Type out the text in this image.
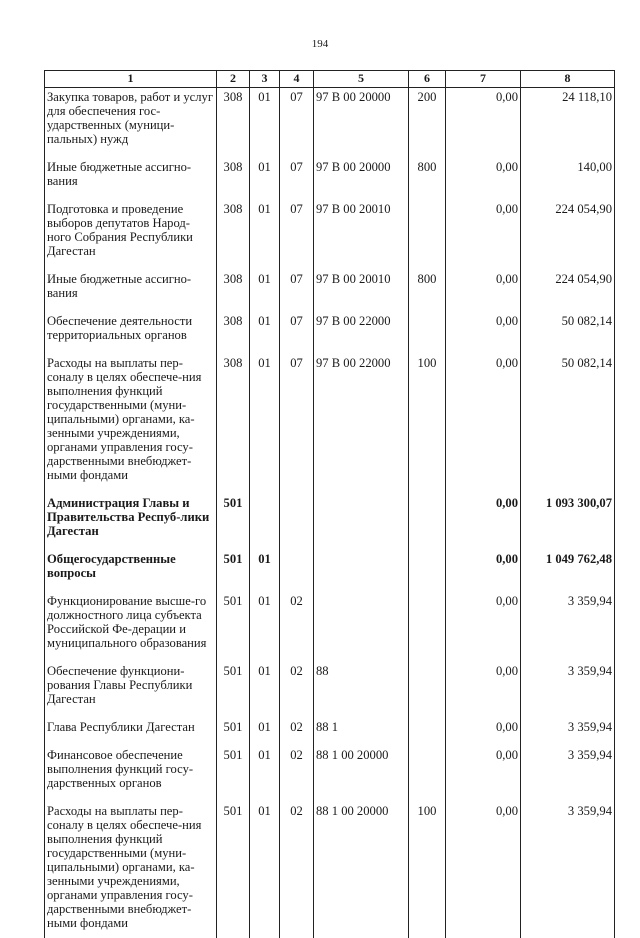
194
1	2	3	4	5	6	7	8
Закупка товаров, работ и услуг для обеспечения гос-ударственных (муници-пальных) нужд	308	01	07	97 В 00 20000	200	0,00	24 118,10
Иные бюджетные ассигно-вания	308	01	07	97 В 00 20000	800	0,00	140,00
Подготовка и проведение выборов депутатов Народ-ного Собрания Республики Дагестан	308	01	07	97 В 00 20010		0,00	224 054,90
Иные бюджетные ассигно-вания	308	01	07	97 В 00 20010	800	0,00	224 054,90
Обеспечение деятельности территориальных органов	308	01	07	97 В 00 22000		0,00	50 082,14
Расходы на выплаты пер-соналу в целях обеспече-ния выполнения функций государственными (муни-ципальными) органами, ка-зенными учреждениями, органами управления госу-дарственными внебюджет-ными фондами	308	01	07	97 В 00 22000	100	0,00	50 082,14
Администрация Главы и Правительства Респуб-лики Дагестан	501					0,00	1 093 300,07
Общегосударственные вопросы	501	01				0,00	1 049 762,48
Функционирование высше-го должностного лица субъекта Российской Фе-дерации и муниципального образования	501	01	02			0,00	3 359,94
Обеспечение функциони-рования Главы Республики Дагестан	501	01	02	88		0,00	3 359,94
Глава Республики Дагестан	501	01	02	88 1		0,00	3 359,94
Финансовое обеспечение выполнения функций госу-дарственных органов	501	01	02	88 1 00 20000		0,00	3 359,94
Расходы на выплаты пер-соналу в целях обеспече-ния выполнения функций государственными (муни-ципальными) органами, ка-зенными учреждениями, органами управления госу-дарственными внебюджет-ными фондами	501	01	02	88 1 00 20000	100	0,00	3 359,94
